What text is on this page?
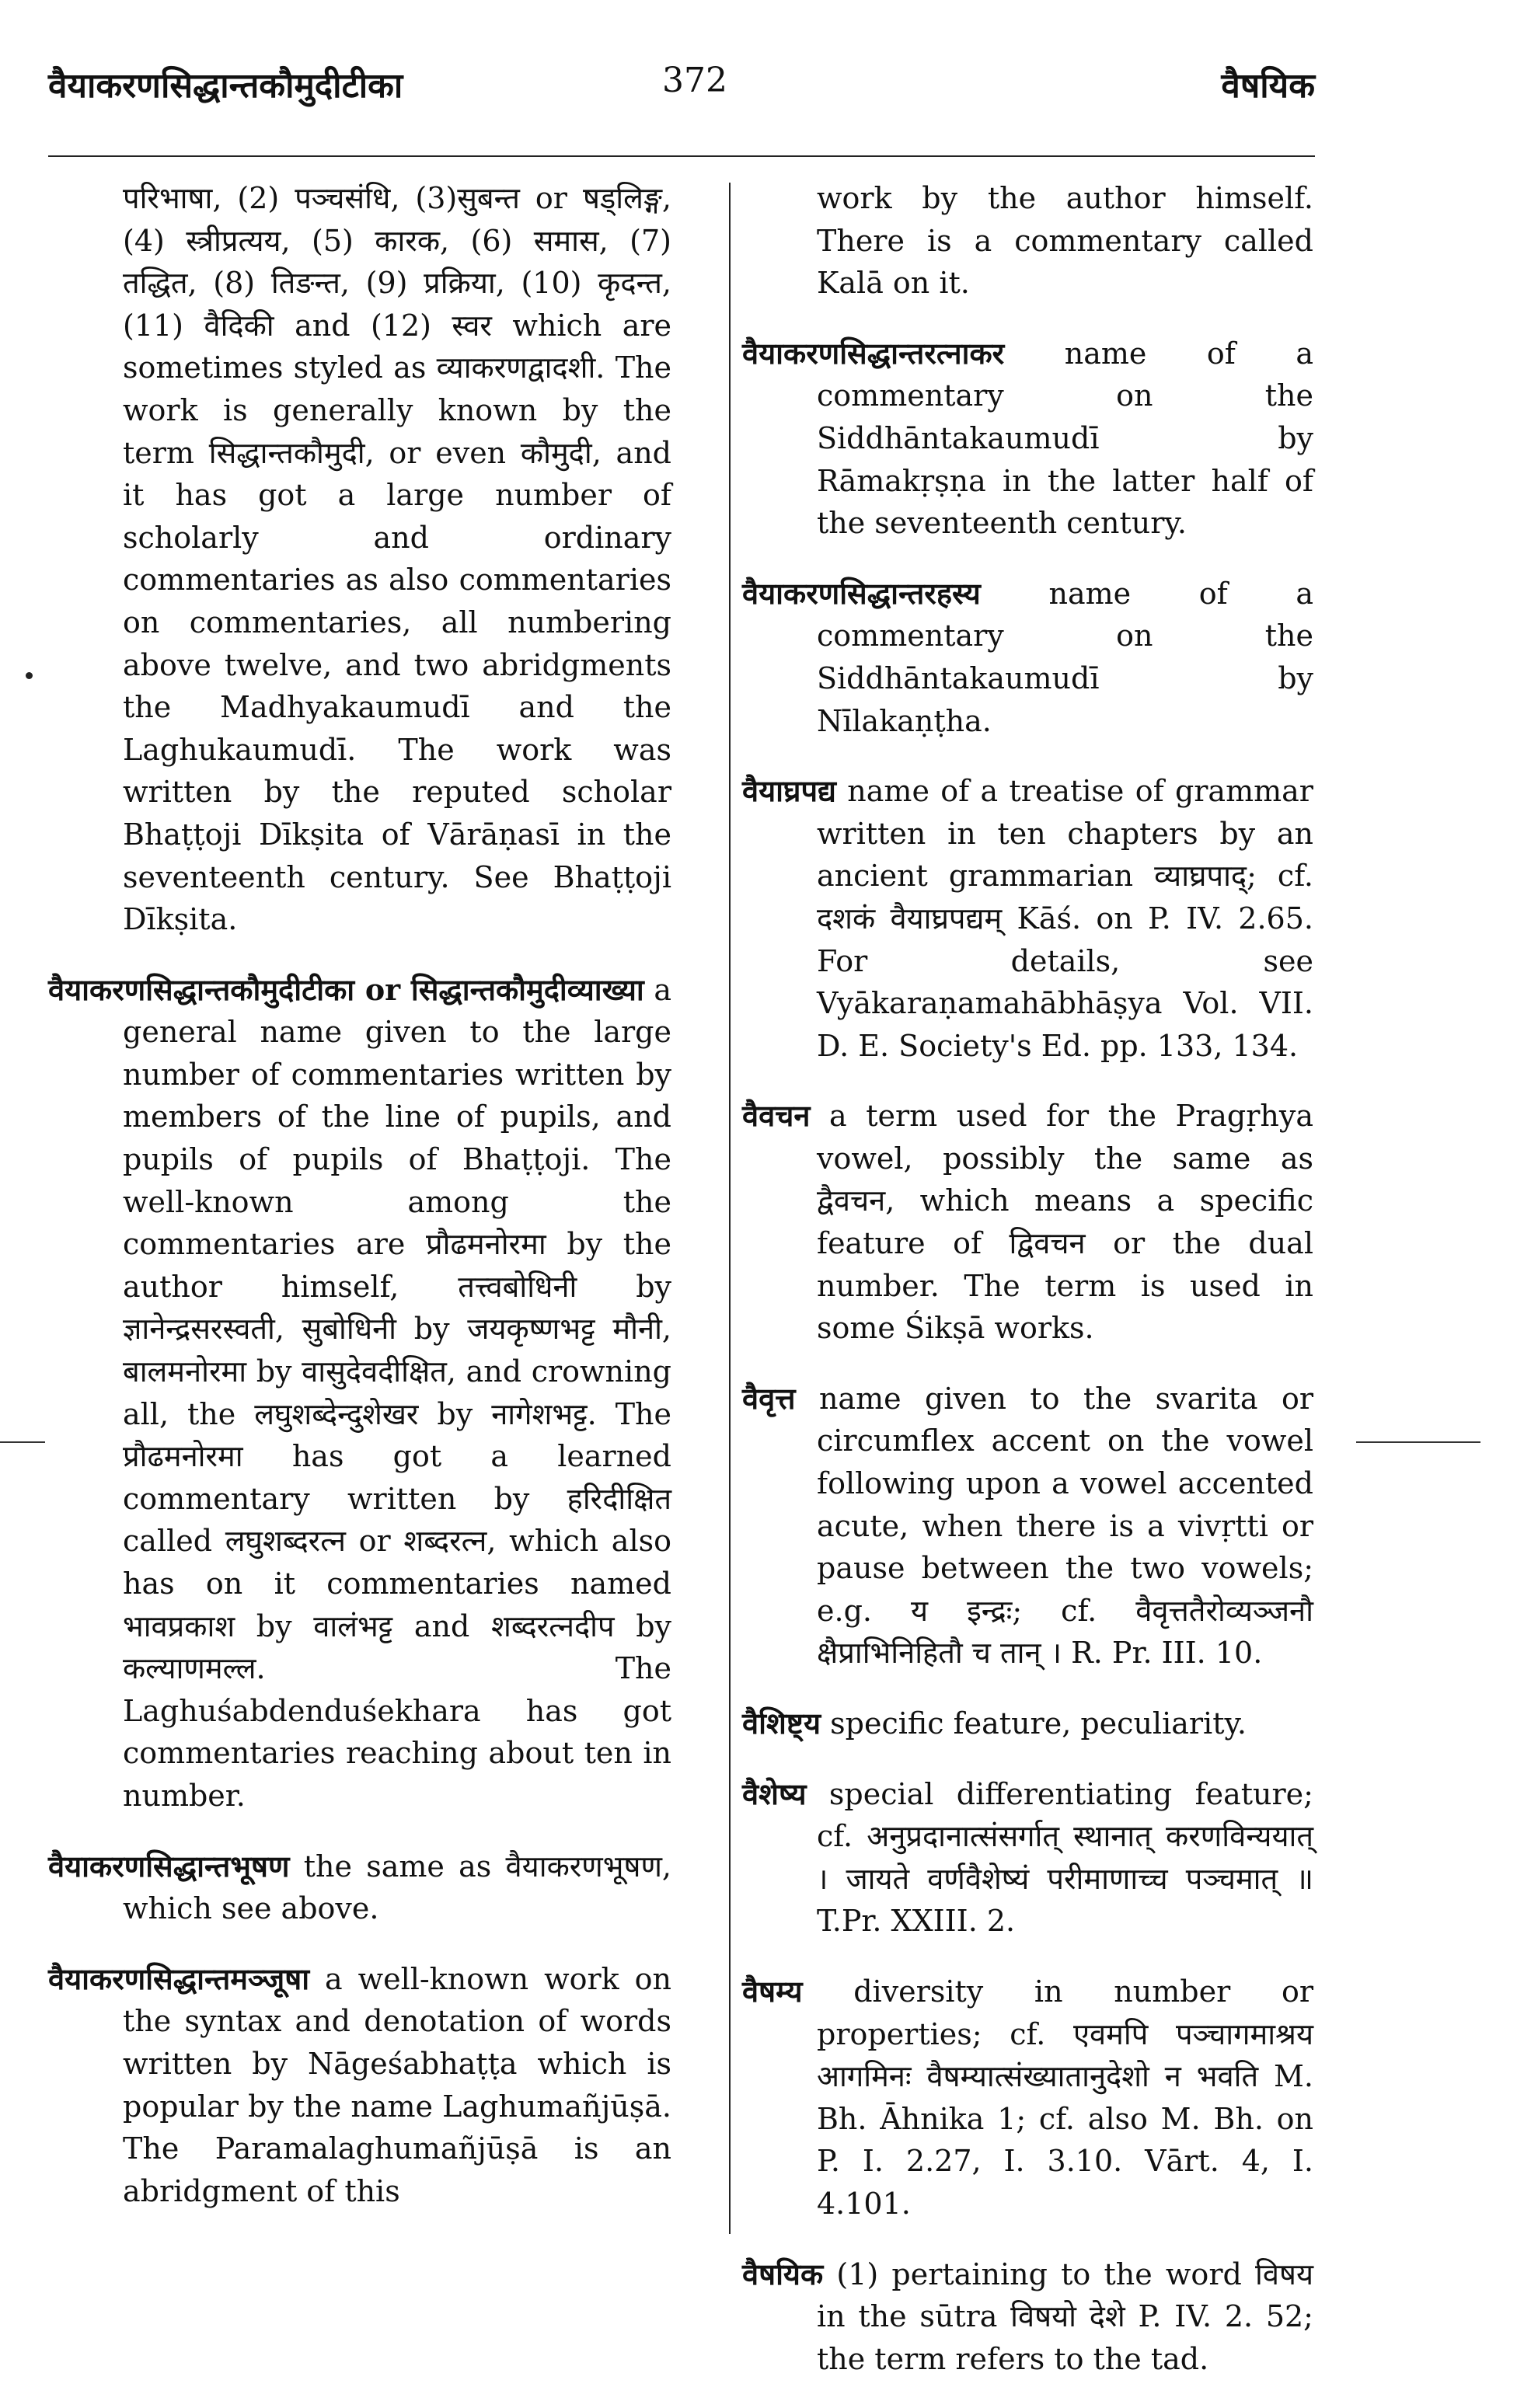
वैयाकरणसिद्धान्तकौमुदीटीका	372	वैषयिक

परिभाषा, (2) पञ्चसंधि, (3)सुबन्त or षड्‌लिङ्ग, (4) स्त्रीप्रत्यय, (5) कारक, (6) समास, (7) तद्धित, (8) तिङन्त, (9) प्रक्रिया, (10) कृदन्त, (11) वैदिकी and (12) स्वर which are sometimes styled as व्याकरणद्वादशी. The work is generally known by the term सिद्धान्तकौमुदी, or even कौमुदी, and it has got a large number of scholarly and ordinary commentaries as also commentaries on commentaries, all numbering above twelve, and two abridgments the Madhyakaumudī and the Laghukaumudī. The work was written by the reputed scholar Bhaṭṭoji Dīkṣita of Vārāṇasī in the seventeenth century. See Bhaṭṭoji Dīkṣita.

वैयाकरणसिद्धान्तकौमुदीटीका or सिद्धान्तकौमुदीव्याख्या a general name given to the large number of commentaries written by members of the line of pupils, and pupils of pupils of Bhaṭṭoji. The well-known among the commentaries are प्रौढमनोरमा by the author himself, तत्त्वबोधिनी by ज्ञानेन्द्रसरस्वती, सुबोधिनी by जयकृष्णभट्ट मौनी, बालमनोरमा by वासुदेवदीक्षित, and crowning all, the लघुशब्देन्दुशेखर by नागेशभट्ट. The प्रौढमनोरमा has got a learned commentary written by हरिदीक्षित called लघुशब्दरत्न or शब्दरत्न, which also has on it commentaries named भावप्रकाश by वालंभट्ट and शब्दरत्नदीप by कल्याणमल्ल. The Laghuśabdenduśekhara has got commentaries reaching about ten in number.

वैयाकरणसिद्धान्तभूषण the same as वैयाकरणभूषण, which see above.

वैयाकरणसिद्धान्तमञ्जूषा a well-known work on the syntax and denotation of words written by Nāgeśabhaṭṭa which is popular by the name Laghumañjūṣā. The Paramalaghumañjūṣā is an abridgment of this

work by the author himself. There is a commentary called Kalā on it.

वैयाकरणसिद्धान्तरत्नाकर name of a commentary on the Siddhāntakaumudī by Rāmakṛṣṇa in the latter half of the seventeenth century.

वैयाकरणसिद्धान्तरहस्य name of a commentary on the Siddhāntakaumudī by Nīlakaṇṭha.

वैयाघ्रपद्य name of a treatise of grammar written in ten chapters by an ancient grammarian व्याघ्रपाद्; cf. दशकं वैयाघ्रपद्यम् Kāś. on P. IV. 2.65. For details, see Vyākaraṇamahābhāṣya Vol. VII. D. E. Society's Ed. pp. 133, 134.

वैवचन a term used for the Pragṛhya vowel, possibly the same as द्वैवचन, which means a specific feature of द्विवचन or the dual number. The term is used in some Śikṣā works.

वैवृत्त name given to the svarita or circumflex accent on the vowel following upon a vowel accented acute, when there is a vivṛtti or pause between the two vowels; e.g. य इन्द्रः; cf. वैवृत्ततैरोव्यञ्जनौ क्षैप्राभिनिहितौ च तान् । R. Pr. III. 10.

वैशिष्ट्य specific feature, peculiarity.

वैशेष्य special differentiating feature; cf. अनुप्रदानात्संसर्गात् स्थानात् करणविन्ययात् । जायते वर्णवैशेष्यं परीमाणाच्च पञ्चमात् ॥ T.Pr. XXIII. 2.

वैषम्य diversity in number or properties; cf. एवमपि पञ्चागमाश्रय आगमिनः वैषम्यात्संख्यातानुदेशो न भवति M. Bh. Āhnika 1; cf. also M. Bh. on P. I. 2.27, I. 3.10. Vārt. 4, I. 4.101.

वैषयिक (1) pertaining to the word विषय in the sūtra विषयो देशे P. IV. 2. 52; the term refers to the tad.
